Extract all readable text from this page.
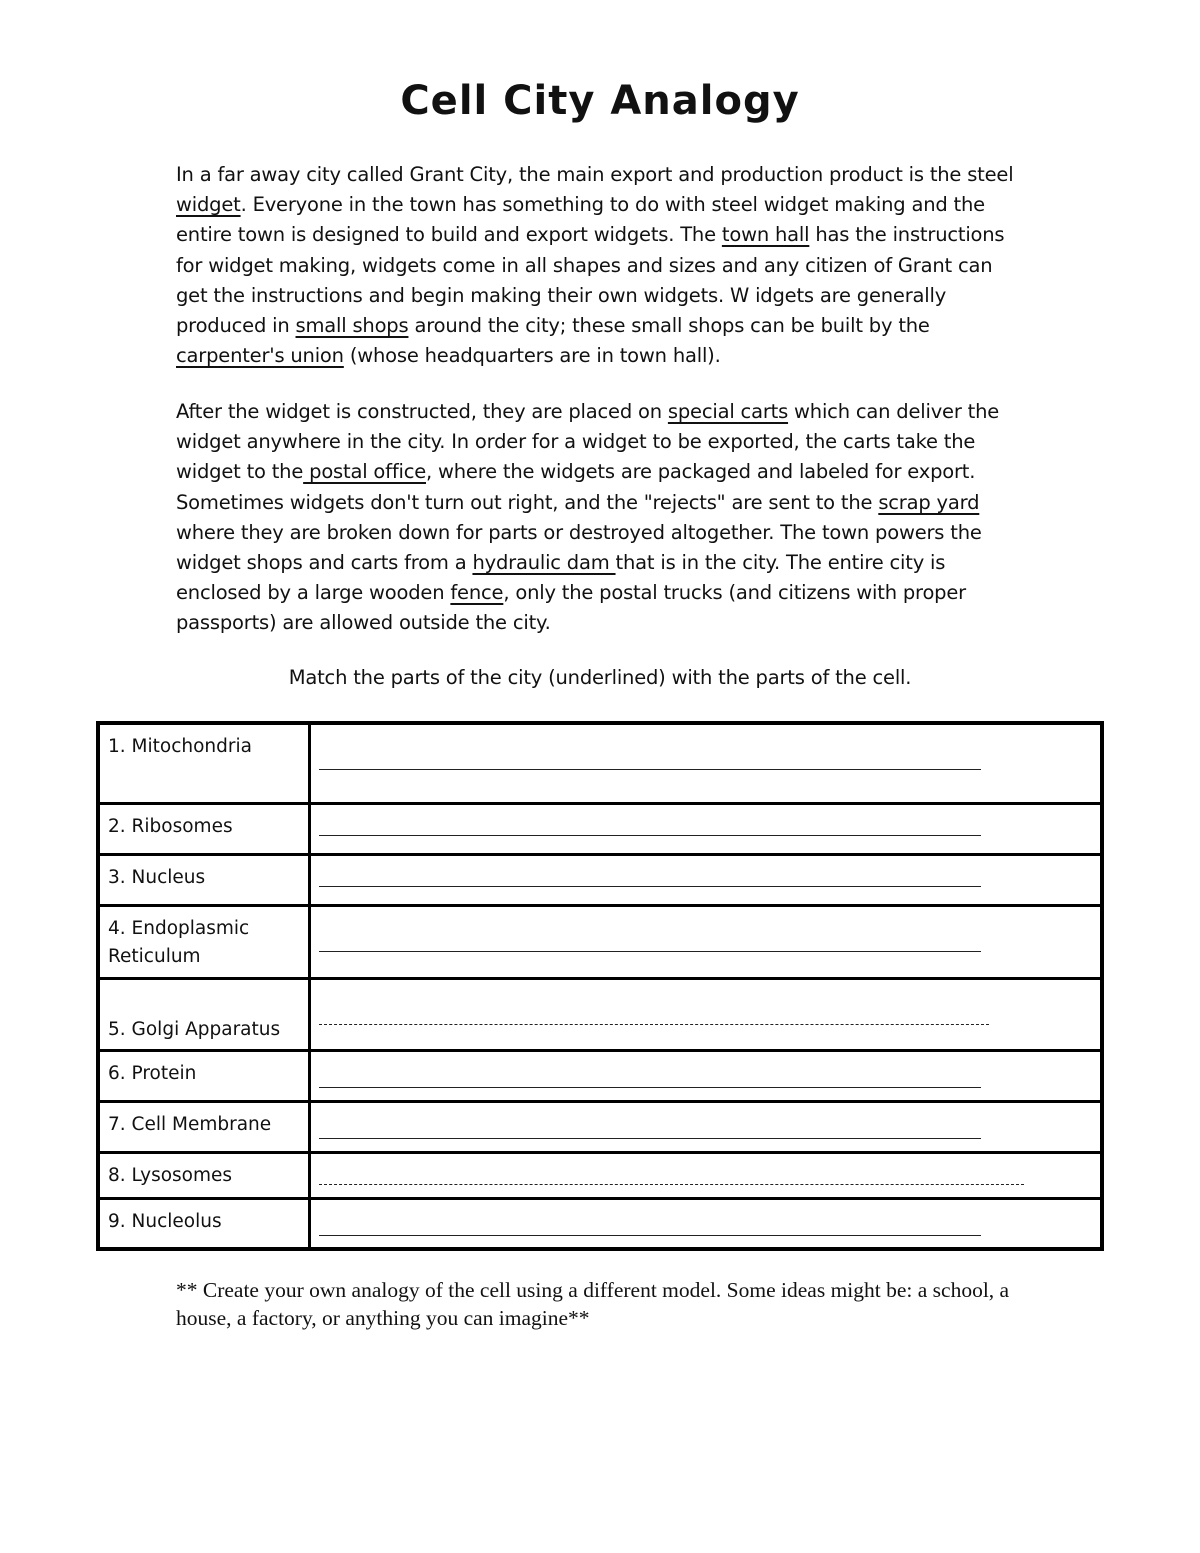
Cell City Analogy

In a far away city called Grant City, the main export and production product is the steel widget. Everyone in the town has something to do with steel widget making and the entire town is designed to build and export widgets. The town hall has the instructions for widget making, widgets come in all shapes and sizes and any citizen of Grant can get the instructions and begin making their own widgets. W idgets are generally produced in small shops around the city; these small shops can be built by the carpenter's union (whose headquarters are in town hall).

After the widget is constructed, they are placed on special carts which can deliver the widget anywhere in the city. In order for a widget to be exported, the carts take the widget to the postal office, where the widgets are packaged and labeled for export. Sometimes widgets don't turn out right, and the "rejects" are sent to the scrap yard where they are broken down for parts or destroyed altogether. The town powers the widget shops and carts from a hydraulic dam that is in the city. The entire city is enclosed by a large wooden fence, only the postal trucks (and citizens with proper passports) are allowed outside the city.

Match the parts of the city (underlined) with the parts of the cell.

1. Mitochondria	

2. Ribosomes	

3. Nucleus	

4. Endoplasmic Reticulum	

5. Golgi Apparatus	

6. Protein	

7. Cell Membrane	

8. Lysosomes	

9. Nucleolus	

** Create your own analogy of the cell using a different model. Some ideas might be: a school, a house, a factory, or anything you can imagine**
